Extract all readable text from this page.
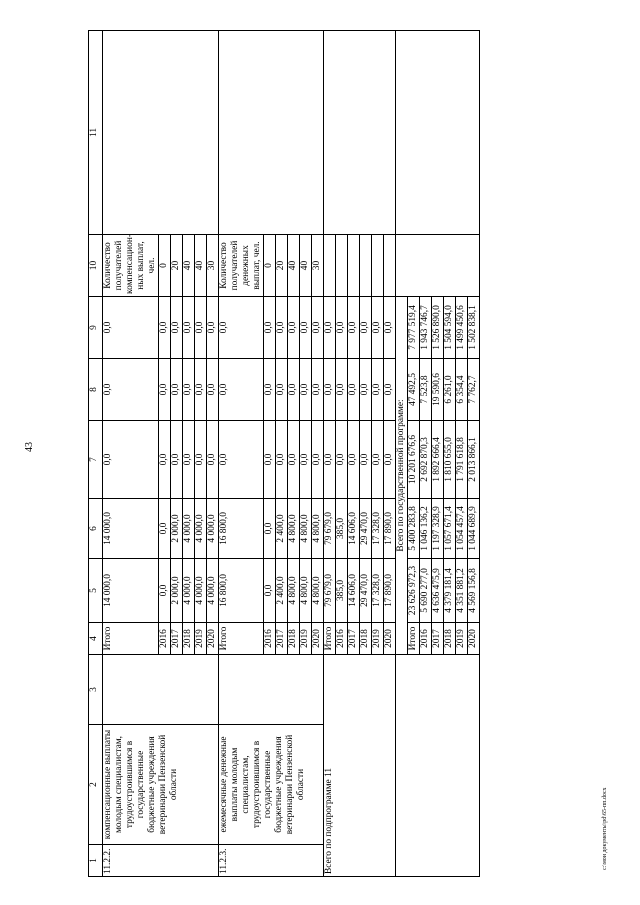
43
1	2	3	4	5	6	7	8	9	10	11
11.2.2.	компенсационные выплаты молодым специалистам, трудоустроившимся в государственные бюджетные учреждения ветеринарии Пензенской области		Итого	14 000,0	14 000,0	0,0	0,0	0,0	Количество получателей компенсацион-ных выплат, чел.	
			2016	0,0	0,0	0,0	0,0	0,0	0	
			2017	2 000,0	2 000,0	0,0	0,0	0,0	20	
			2018	4 000,0	4 000,0	0,0	0,0	0,0	40	
			2019	4 000,0	4 000,0	0,0	0,0	0,0	40	
			2020	4 000,0	4 000,0	0,0	0,0	0,0	30	
11.2.3.	ежемесячные денежные выплаты молодым специалистам, трудоустроившимся в государственные бюджетные учреждения ветеринарии Пензенской области		Итого	16 800,0	16 800,0	0,0	0,0	0,0	Количество получателей денежных выплат, чел.	
			2016	0,0	0,0	0,0	0,0	0,0	0	
			2017	2 400,0	2 400,0	0,0	0,0	0,0	20	
			2018	4 800,0	4 800,0	0,0	0,0	0,0	40	
			2019	4 800,0	4 800,0	0,0	0,0	0,0	40	
			2020	4 800,0	4 800,0	0,0	0,0	0,0	30	
Всего по подпрограмме 11			Итого	79 679,0	79 679,0	0,0	0,0	0,0		
			2016	385,0	385,0	0,0	0,0	0,0		
			2017	14 606,0	14 606,0	0,0	0,0	0,0		
			2018	29 470,0	29 470,0	0,0	0,0	0,0		
			2019	17 328,0	17 328,0	0,0	0,0	0,0		
			2020	17 890,0	17 890,0	0,0	0,0	0,0		
			Всего по государственной программе:							
			Итого	23 626 972,3	5 400 283,8	10 201 676,6	47 492,5	7 977 519,4		
			2016	5 690 277,0	1 046 136,2	2 692 870,3	7 523,8	1 943 746,7		
			2017	4 636 475,9	1 197 328,9	1 892 666,4	19 590,6	1 526 890,0		
			2018	4 379 181,4	1 057 671,4	1 810 655,0	6 261,0	1 504 594,0		
			2019	4 351 881,2	1 054 457,4	1 791 618,8	6 354,4	1 499 450,6		
			2020	4 569 156,8	1 044 689,9	2 013 866,1	7 762,7	1 502 838,1		
c:\мои документы\pd\65-пп.docx
